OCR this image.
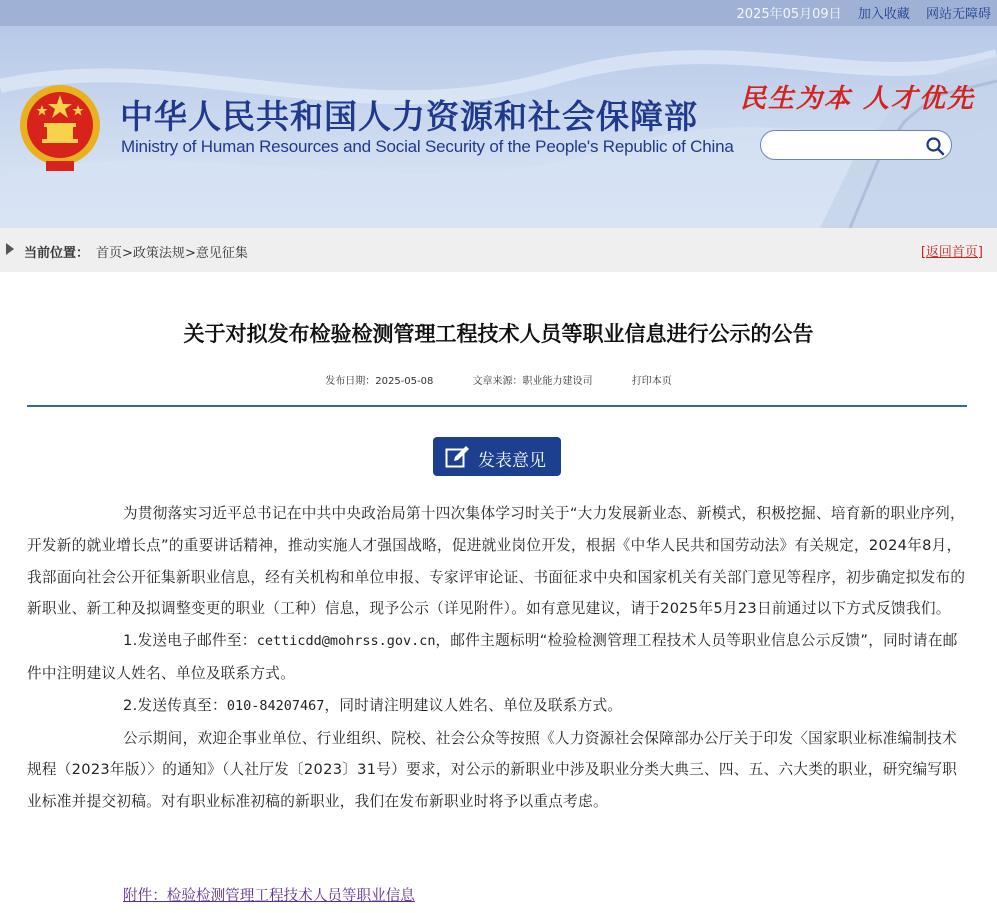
2025年05月09日 加入收藏 网站无障碍
中华人民共和国人力资源和社会保障部
Ministry of Human Resources and Social Security of the People's Republic of China
民生为本 人才优先
当前位置： 首页>政策法规>意见征集	[返回首页]
关于对拟发布检验检测管理工程技术人员等职业信息进行公示的公告
发布日期：2025-05-08	文章来源：职业能力建设司	打印本页
发表意见

为贯彻落实习近平总书记在中共中央政治局第十四次集体学习时关于“大力发展新业态、新模式，积极挖掘、培育新的职业序列，开发新的就业增长点”的重要讲话精神，推动实施人才强国战略，促进就业岗位开发，根据《中华人民共和国劳动法》有关规定，2024年8月，我部面向社会公开征集新职业信息，经有关机构和单位申报、专家评审论证、书面征求中央和国家机关有关部门意见等程序，初步确定拟发布的新职业、新工种及拟调整变更的职业（工种）信息，现予公示（详见附件）。如有意见建议，请于2025年5月23日前通过以下方式反馈我们。

1.发送电子邮件至：cetticdd@mohrss.gov.cn，邮件主题标明“检验检测管理工程技术人员等职业信息公示反馈”，同时请在邮件中注明建议人姓名、单位及联系方式。

2.发送传真至：010-84207467，同时请注明建议人姓名、单位及联系方式。

公示期间，欢迎企事业单位、行业组织、院校、社会公众等按照《人力资源社会保障部办公厅关于印发〈国家职业标准编制技术规程（2023年版）〉的通知》（人社厅发〔2023〕31号）要求，对公示的新职业中涉及职业分类大典三、四、五、六大类的职业，研究编写职业标准并提交初稿。对有职业标准初稿的新职业，我们在发布新职业时将予以重点考虑。

附件：检验检测管理工程技术人员等职业信息
